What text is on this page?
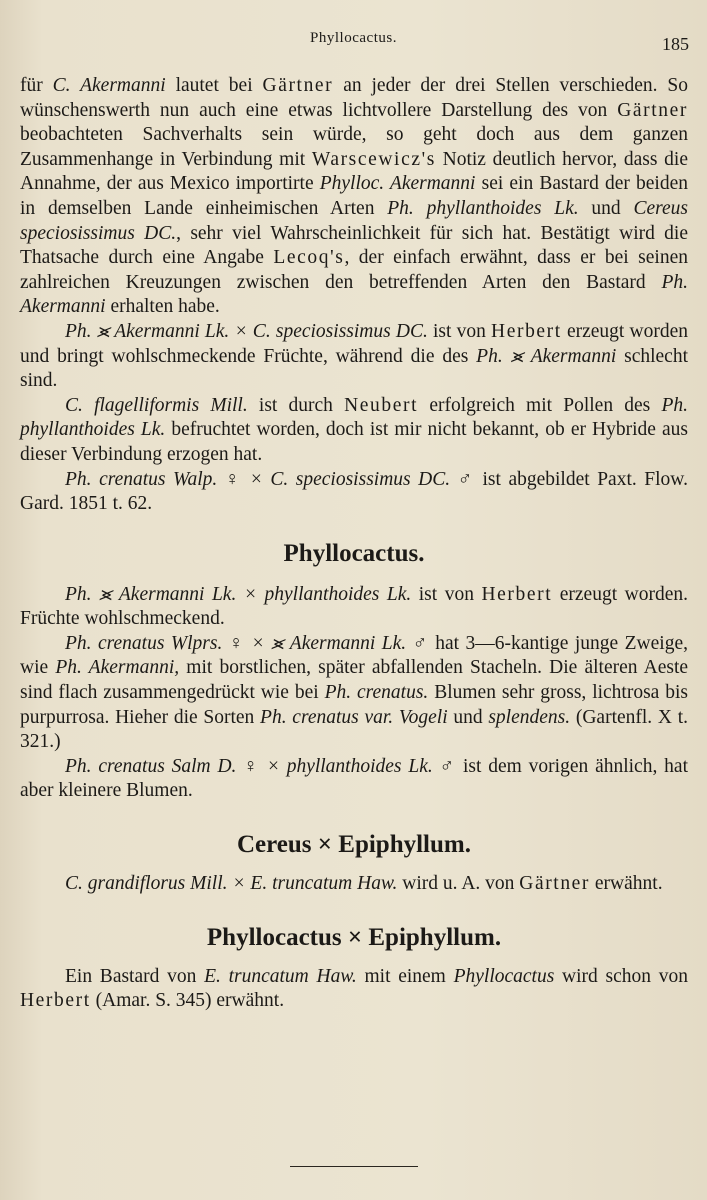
Phyllocactus.	185

für C. Akermanni lautet bei Gärtner an jeder der drei Stellen verschieden. So wünschenswerth nun auch eine etwas lichtvollere Darstellung des von Gärtner beobachteten Sachverhalts sein würde, so geht doch aus dem ganzen Zusammenhange in Verbindung mit Warscewicz's Notiz deutlich hervor, dass die Annahme, der aus Mexico importirte Phylloc. Akermanni sei ein Bastard der beiden in demselben Lande einheimischen Arten Ph. phyllanthoides Lk. und Cereus speciosissimus DC., sehr viel Wahrscheinlichkeit für sich hat. Bestätigt wird die Thatsache durch eine Angabe Lecoq's, der einfach erwähnt, dass er bei seinen zahlreichen Kreuzungen zwischen den betreffenden Arten den Bastard Ph. Akermanni erhalten habe.

Ph. ⪤ Akermanni Lk. × C. speciosissimus DC. ist von Herbert erzeugt worden und bringt wohlschmeckende Früchte, während die des Ph. ⪤ Akermanni schlecht sind.

C. flagelliformis Mill. ist durch Neubert erfolgreich mit Pollen des Ph. phyllanthoides Lk. befruchtet worden, doch ist mir nicht bekannt, ob er Hybride aus dieser Verbindung erzogen hat.

Ph. crenatus Walp. ♀ × C. speciosissimus DC. ♂ ist abgebildet Paxt. Flow. Gard. 1851 t. 62.

Phyllocactus.

Ph. ⪤ Akermanni Lk. × phyllanthoides Lk. ist von Herbert erzeugt worden. Früchte wohlschmeckend.

Ph. crenatus Wlprs. ♀ × ⪤ Akermanni Lk. ♂ hat 3—6-kantige junge Zweige, wie Ph. Akermanni, mit borstlichen, später abfallenden Stacheln. Die älteren Aeste sind flach zusammengedrückt wie bei Ph. crenatus. Blumen sehr gross, lichtrosa bis purpurrosa. Hieher die Sorten Ph. crenatus var. Vogeli und splendens. (Gartenfl. X t. 321.)

Ph. crenatus Salm D. ♀ × phyllanthoides Lk. ♂ ist dem vorigen ähnlich, hat aber kleinere Blumen.

Cereus × Epiphyllum.

C. grandiflorus Mill. × E. truncatum Haw. wird u. A. von Gärtner erwähnt.

Phyllocactus × Epiphyllum.

Ein Bastard von E. truncatum Haw. mit einem Phyllocactus wird schon von Herbert (Amar. S. 345) erwähnt.
